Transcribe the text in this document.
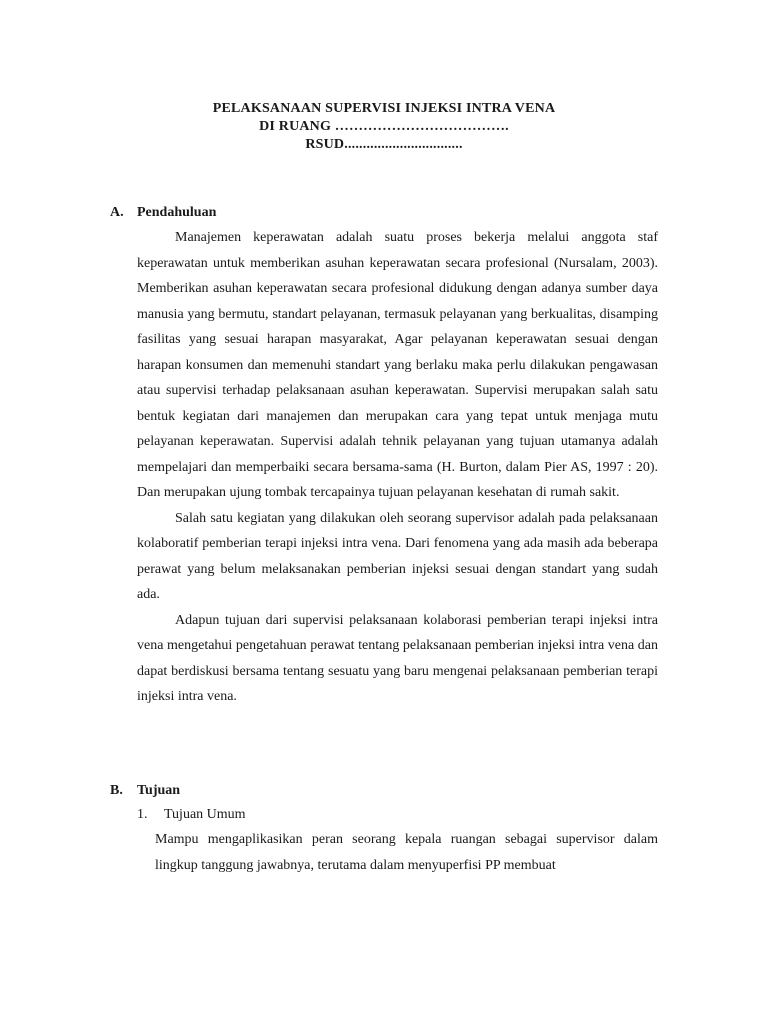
PELAKSANAAN SUPERVISI INJEKSI INTRA VENA
DI RUANG ……………………………….
RSUD................................
A. Pendahuluan

Manajemen keperawatan adalah suatu proses bekerja melalui anggota staf keperawatan untuk memberikan asuhan keperawatan secara profesional (Nursalam, 2003). Memberikan asuhan keperawatan secara profesional didukung dengan adanya sumber daya manusia yang bermutu, standart pelayanan, termasuk pelayanan yang berkualitas, disamping fasilitas yang sesuai harapan masyarakat, Agar pelayanan keperawatan sesuai dengan harapan konsumen dan memenuhi standart yang berlaku maka perlu dilakukan pengawasan atau supervisi terhadap pelaksanaan asuhan keperawatan. Supervisi merupakan salah satu bentuk kegiatan dari manajemen dan merupakan cara yang tepat untuk menjaga mutu pelayanan keperawatan. Supervisi adalah tehnik pelayanan yang tujuan utamanya adalah mempelajari dan memperbaiki secara bersama-sama (H. Burton, dalam Pier AS, 1997 : 20). Dan merupakan ujung tombak tercapainya tujuan pelayanan kesehatan di rumah sakit.

Salah satu kegiatan yang dilakukan oleh seorang supervisor adalah pada pelaksanaan kolaboratif pemberian terapi injeksi intra vena. Dari fenomena yang ada masih ada beberapa perawat yang belum melaksanakan pemberian injeksi sesuai dengan standart yang sudah ada.

Adapun tujuan dari supervisi pelaksanaan kolaborasi pemberian terapi injeksi intra vena mengetahui pengetahuan perawat tentang pelaksanaan pemberian injeksi intra vena dan dapat berdiskusi bersama tentang sesuatu yang baru mengenai pelaksanaan pemberian terapi injeksi intra vena.

B. Tujuan
1. Tujuan Umum

Mampu mengaplikasikan peran seorang kepala ruangan sebagai supervisor dalam lingkup tanggung jawabnya, terutama dalam menyuperfisi PP membuat
